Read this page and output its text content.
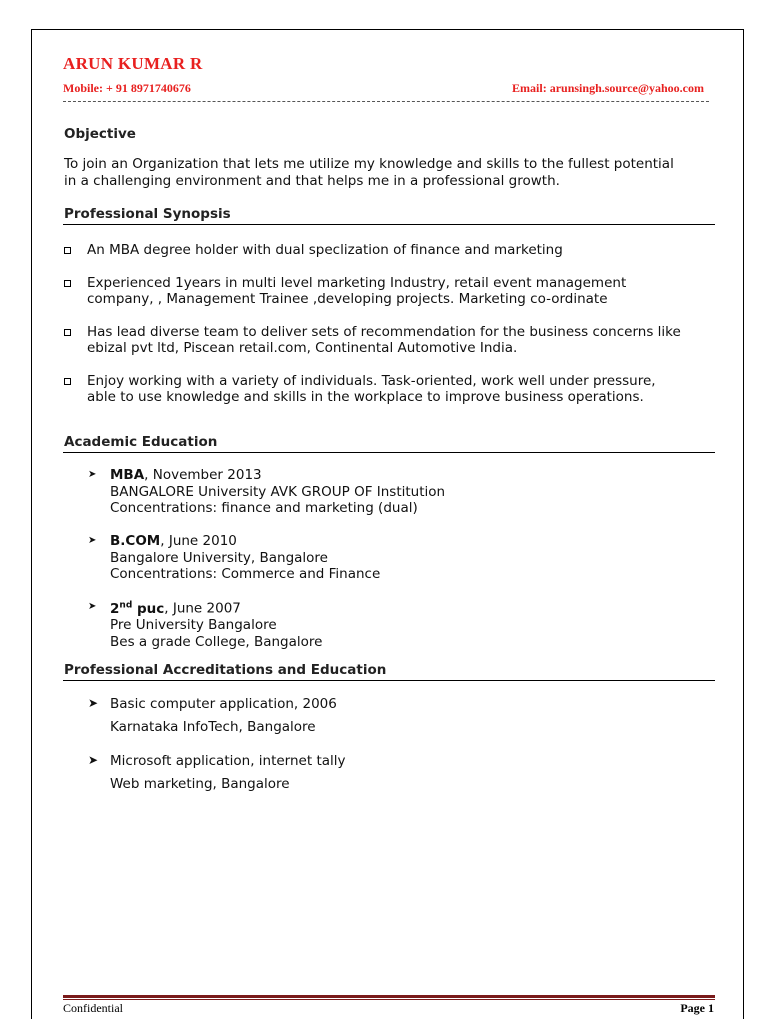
ARUN KUMAR R
Mobile: + 91 8971740676	Email: arunsingh.source@yahoo.com
Objective
To join an Organization that lets me utilize my knowledge and skills to the fullest potential
in a challenging environment and that helps me in a professional growth.
Professional Synopsis
An MBA degree holder with dual speclization of finance and marketing
Experienced 1years in multi level marketing Industry, retail event management
company, , Management Trainee ,developing projects. Marketing co-ordinate
Has lead diverse team to deliver sets of recommendation for the business concerns like
ebizal pvt ltd, Piscean retail.com, Continental Automotive India.
Enjoy working with a variety of individuals. Task-oriented, work well under pressure,
able to use knowledge and skills in the workplace to improve business operations.
Academic Education
➤ MBA, November 2013
BANGALORE University AVK GROUP OF Institution
Concentrations: finance and marketing (dual)
➤ B.COM, June 2010
Bangalore University, Bangalore
Concentrations: Commerce and Finance
➤ 2nd puc, June 2007
Pre University Bangalore
Bes a grade College, Bangalore
Professional Accreditations and Education
➤ Basic computer application, 2006
Karnataka InfoTech, Bangalore
➤ Microsoft application, internet tally
Web marketing, Bangalore
Confidential	Page 1
